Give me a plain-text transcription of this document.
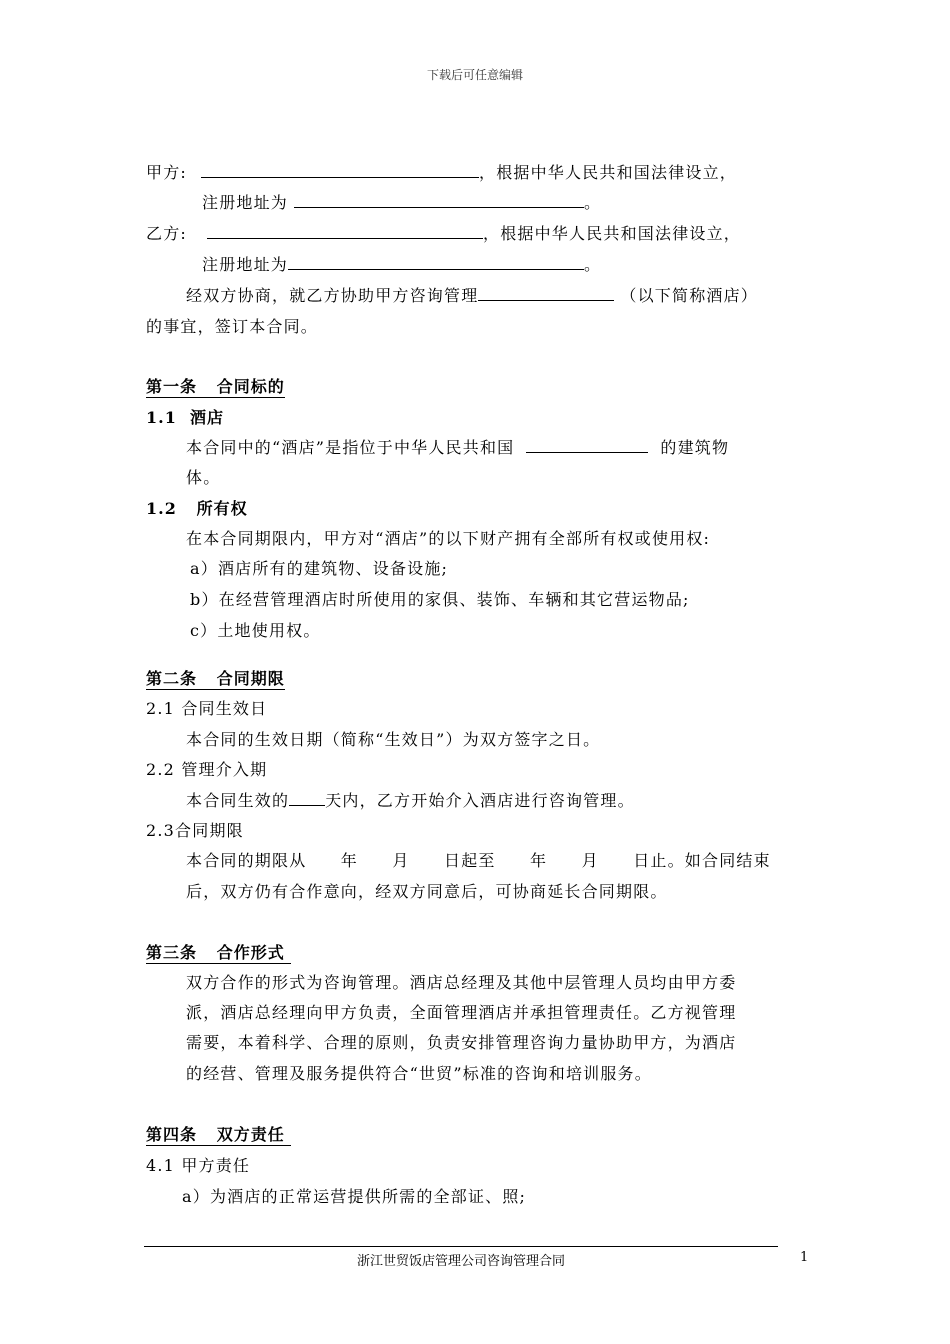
下载后可任意编辑
甲方:	，根据中华人民共和国法律设立，
注册地址为	。
乙方:	，根据中华人民共和国法律设立，
注册地址为	。
经双方协商，就乙方协助甲方咨询管理	（以下简称酒店）
的事宜，签订本合同。
第一条 合同标的
1.1 酒店
本合同中的“酒店”是指位于中华人民共和国	的建筑物
体。
1.2 所有权
在本合同期限内，甲方对“酒店”的以下财产拥有全部所有权或使用权:
a）酒店所有的建筑物、设备设施;
b）在经营管理酒店时所使用的家俱、装饰、车辆和其它营运物品;
c）土地使用权。
第二条 合同期限
2.1 合同生效日
本合同的生效日期（简称“生效日”）为双方签字之日。
2.2 管理介入期
本合同生效的 天内，乙方开始介入酒店进行咨询管理。
2.3合同期限
本合同的期限从　　年　　月　　日起至　　年　　月　　日止。如合同结束
后，双方仍有合作意向，经双方同意后，可协商延长合同期限。
第三条 合作形式
双方合作的形式为咨询管理。酒店总经理及其他中层管理人员均由甲方委
派，酒店总经理向甲方负责，全面管理酒店并承担管理责任。乙方视管理
需要，本着科学、合理的原则，负责安排管理咨询力量协助甲方，为酒店
的经营、管理及服务提供符合“世贸”标准的咨询和培训服务。
第四条 双方责任
4.1 甲方责任
a）为酒店的正常运营提供所需的全部证、照;
浙江世贸饭店管理公司咨询管理合同	1
